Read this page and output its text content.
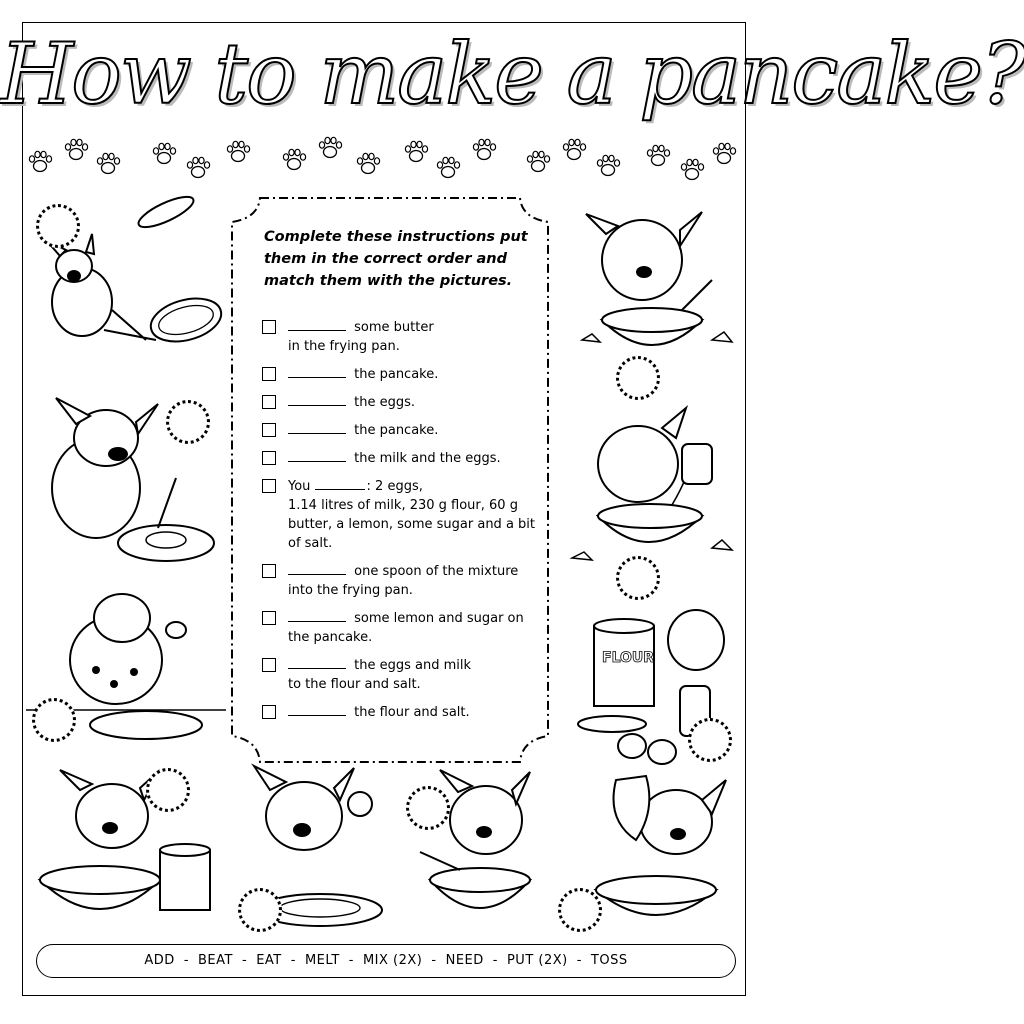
How to make a pancake?
FLOUR
Complete these instructions put them in the correct order and match them with the pictures.
some butter
in the frying pan.
the pancake.
the eggs.
the pancake.
the milk and the eggs.
You	: 2 eggs,
1.14 litres of milk, 230 g flour, 60 g butter, a lemon, some sugar and a bit of salt.
one spoon of the mixture
into the frying pan.
some lemon and sugar on
the pancake.
the eggs and milk
to the flour and salt.
the flour and salt.
ADD - BEAT - EAT - MELT - MIX (2X) - NEED - PUT (2X) - TOSS
